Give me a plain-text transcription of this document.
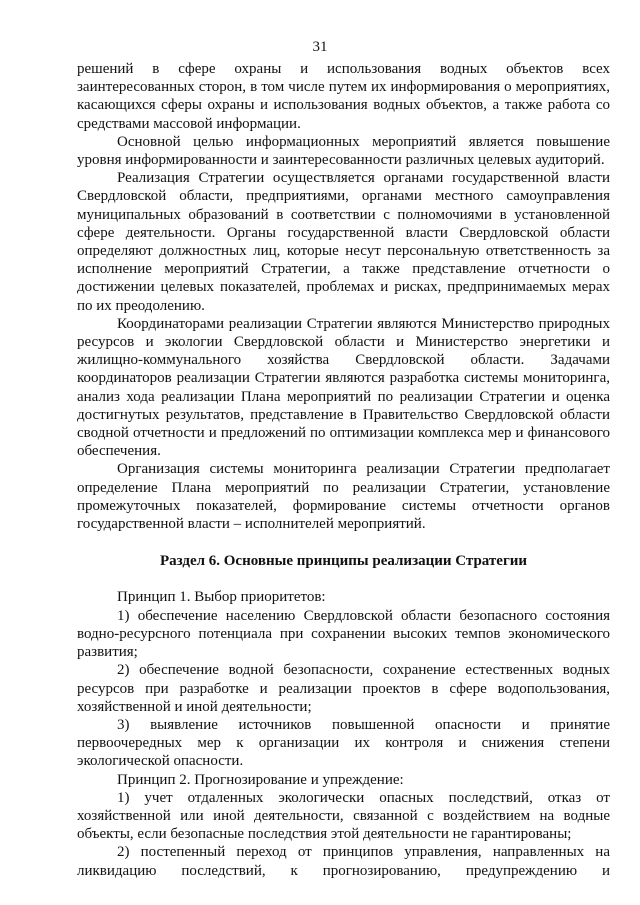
31

решений в сфере охраны и использования водных объектов всех заинтересованных сторон, в том числе путем их информирования о мероприятиях, касающихся сферы охраны и использования водных объектов, а также работа со средствами массовой информации.

Основной целью информационных мероприятий является повышение уровня информированности и заинтересованности различных целевых аудиторий.

Реализация Стратегии осуществляется органами государственной власти Свердловской области, предприятиями, органами местного самоуправления муниципальных образований в соответствии с полномочиями в установленной сфере деятельности. Органы государственной власти Свердловской области определяют должностных лиц, которые несут персональную ответственность за исполнение мероприятий Стратегии, а также представление отчетности о достижении целевых показателей, проблемах и рисках, предпринимаемых мерах по их преодолению.

Координаторами реализации Стратегии являются Министерство природных ресурсов и экологии Свердловской области и Министерство энергетики и жилищно-коммунального хозяйства Свердловской области. Задачами координаторов реализации Стратегии являются разработка системы мониторинга, анализ хода реализации Плана мероприятий по реализации Стратегии и оценка достигнутых результатов, представление в Правительство Свердловской области сводной отчетности и предложений по оптимизации комплекса мер и финансового обеспечения.

Организация системы мониторинга реализации Стратегии предполагает определение Плана мероприятий по реализации Стратегии, установление промежуточных показателей, формирование системы отчетности органов государственной власти – исполнителей мероприятий.

Раздел 6. Основные принципы реализации Стратегии

Принцип 1. Выбор приоритетов:

1) обеспечение населению Свердловской области безопасного состояния водно-ресурсного потенциала при сохранении высоких темпов экономического развития;

2) обеспечение водной безопасности, сохранение естественных водных ресурсов при разработке и реализации проектов в сфере водопользования, хозяйственной и иной деятельности;

3) выявление источников повышенной опасности и принятие первоочередных мер к организации их контроля и снижения степени экологической опасности.

Принцип 2. Прогнозирование и упреждение:

1) учет отдаленных экологически опасных последствий, отказ от хозяйственной или иной деятельности, связанной с воздействием на водные объекты, если безопасные последствия этой деятельности не гарантированы;

2) постепенный переход от принципов управления, направленных на ликвидацию последствий, к прогнозированию, предупреждению и
